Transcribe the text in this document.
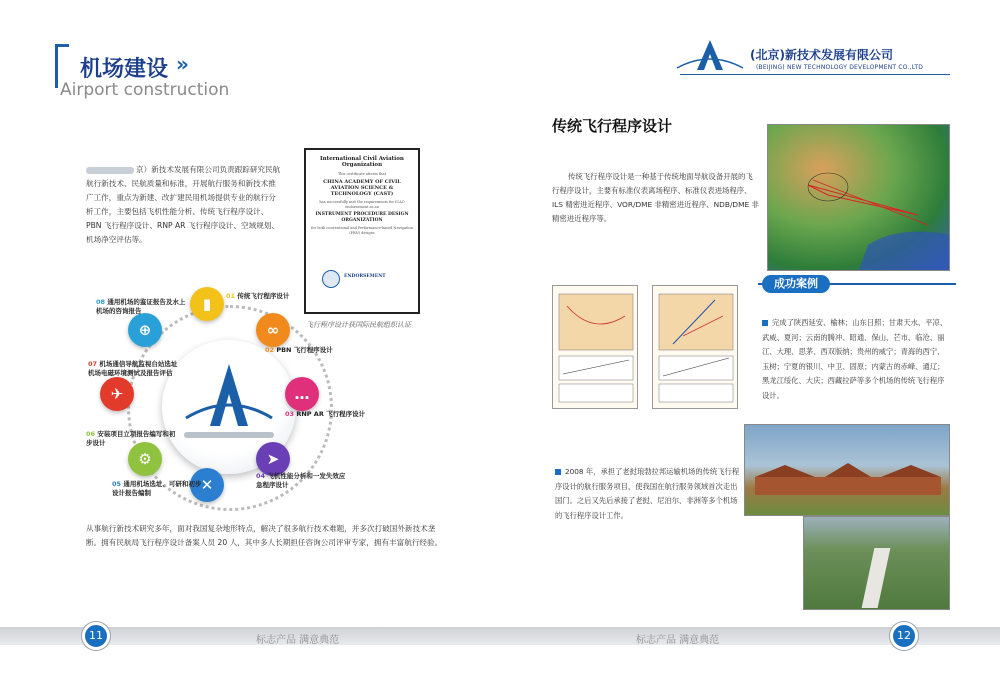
机场建设 »
Airport construction
(北京)新技术发展有限公司
(BEIJING) NEW TECHNOLOGY DEVELOPMENT CO.,LTD
京）新技术发展有限公司负责跟踪研究民航航行新技术、民航质量和标准，开展航行服务和新技术推广工作，重点为新建、改扩建民用机场提供专业的航行分析工作，主要包括飞机性能分析、传统飞行程序设计、PBN 飞行程序设计、RNP AR 飞行程序设计、空域规划、机场净空评估等。
International Civil Aviation Organization
This certificate attests that
CHINA ACADEMY OF CIVIL AVIATION SCIENCE & TECHNOLOGY (CAST)
has successfully met the requirements for ICAO endorsement as an
INSTRUMENT PROCEDURE DESIGN ORGANIZATION
for both conventional and Performance-based Navigation (PBN) designs
ENDORSEMENT
飞行程序设计获国际民航组织认证
▮	01 传统飞行程序设计
∞
02 PBN 飞行程序设计
…
03 RNP AR 飞行程序设计
➤
04 飞机性能分析和一发失效应急程序设计
✕
05 通用机场选址、可研和初步设计报告编制
⚙
06 安装项目立项报告编写和初步设计
✈
07 机场通信导航监视台站选址机场电磁环境测试及报告评估
⊕
08 通用机场的鉴证报告及水上机场的咨询报告
从事航行新技术研究多年，面对我国复杂地形特点，解决了很多航行技术难题，并多次打破国外新技术垄断。拥有民航局飞行程序设计备案人员 20 人，其中多人长期担任咨询公司评审专家，拥有丰富航行经验。
传统飞行程序设计
传统飞行程序设计是一种基于传统地面导航设备开展的飞行程序设计，主要有标准仪表离场程序、标准仪表进场程序、ILS 精密进近程序、VOR/DME 非精密进近程序、NDB/DME 非精密进近程序等。
成功案例
完成了陕西延安、榆林；山东日照；甘肃天水、平凉、武威、夏河；云南的腾冲、昭通、保山、芒市、临沧、丽江、大理、思茅、西双版纳；贵州的威宁；青海的西宁、玉树；宁夏的银川、中卫、固原；内蒙古的赤峰、通辽；黑龙江绥化、大庆；西藏拉萨等多个机场的传统飞行程序设计。
2008 年，承担了老挝琅勃拉邦运输机场的传统飞行程序设计的航行服务项目，使我国在航行服务领域首次走出国门。之后又先后承接了老挝、尼泊尔、非洲等多个机场的飞行程序设计工作。
11	12
标志产品 满意典范	标志产品 满意典范
